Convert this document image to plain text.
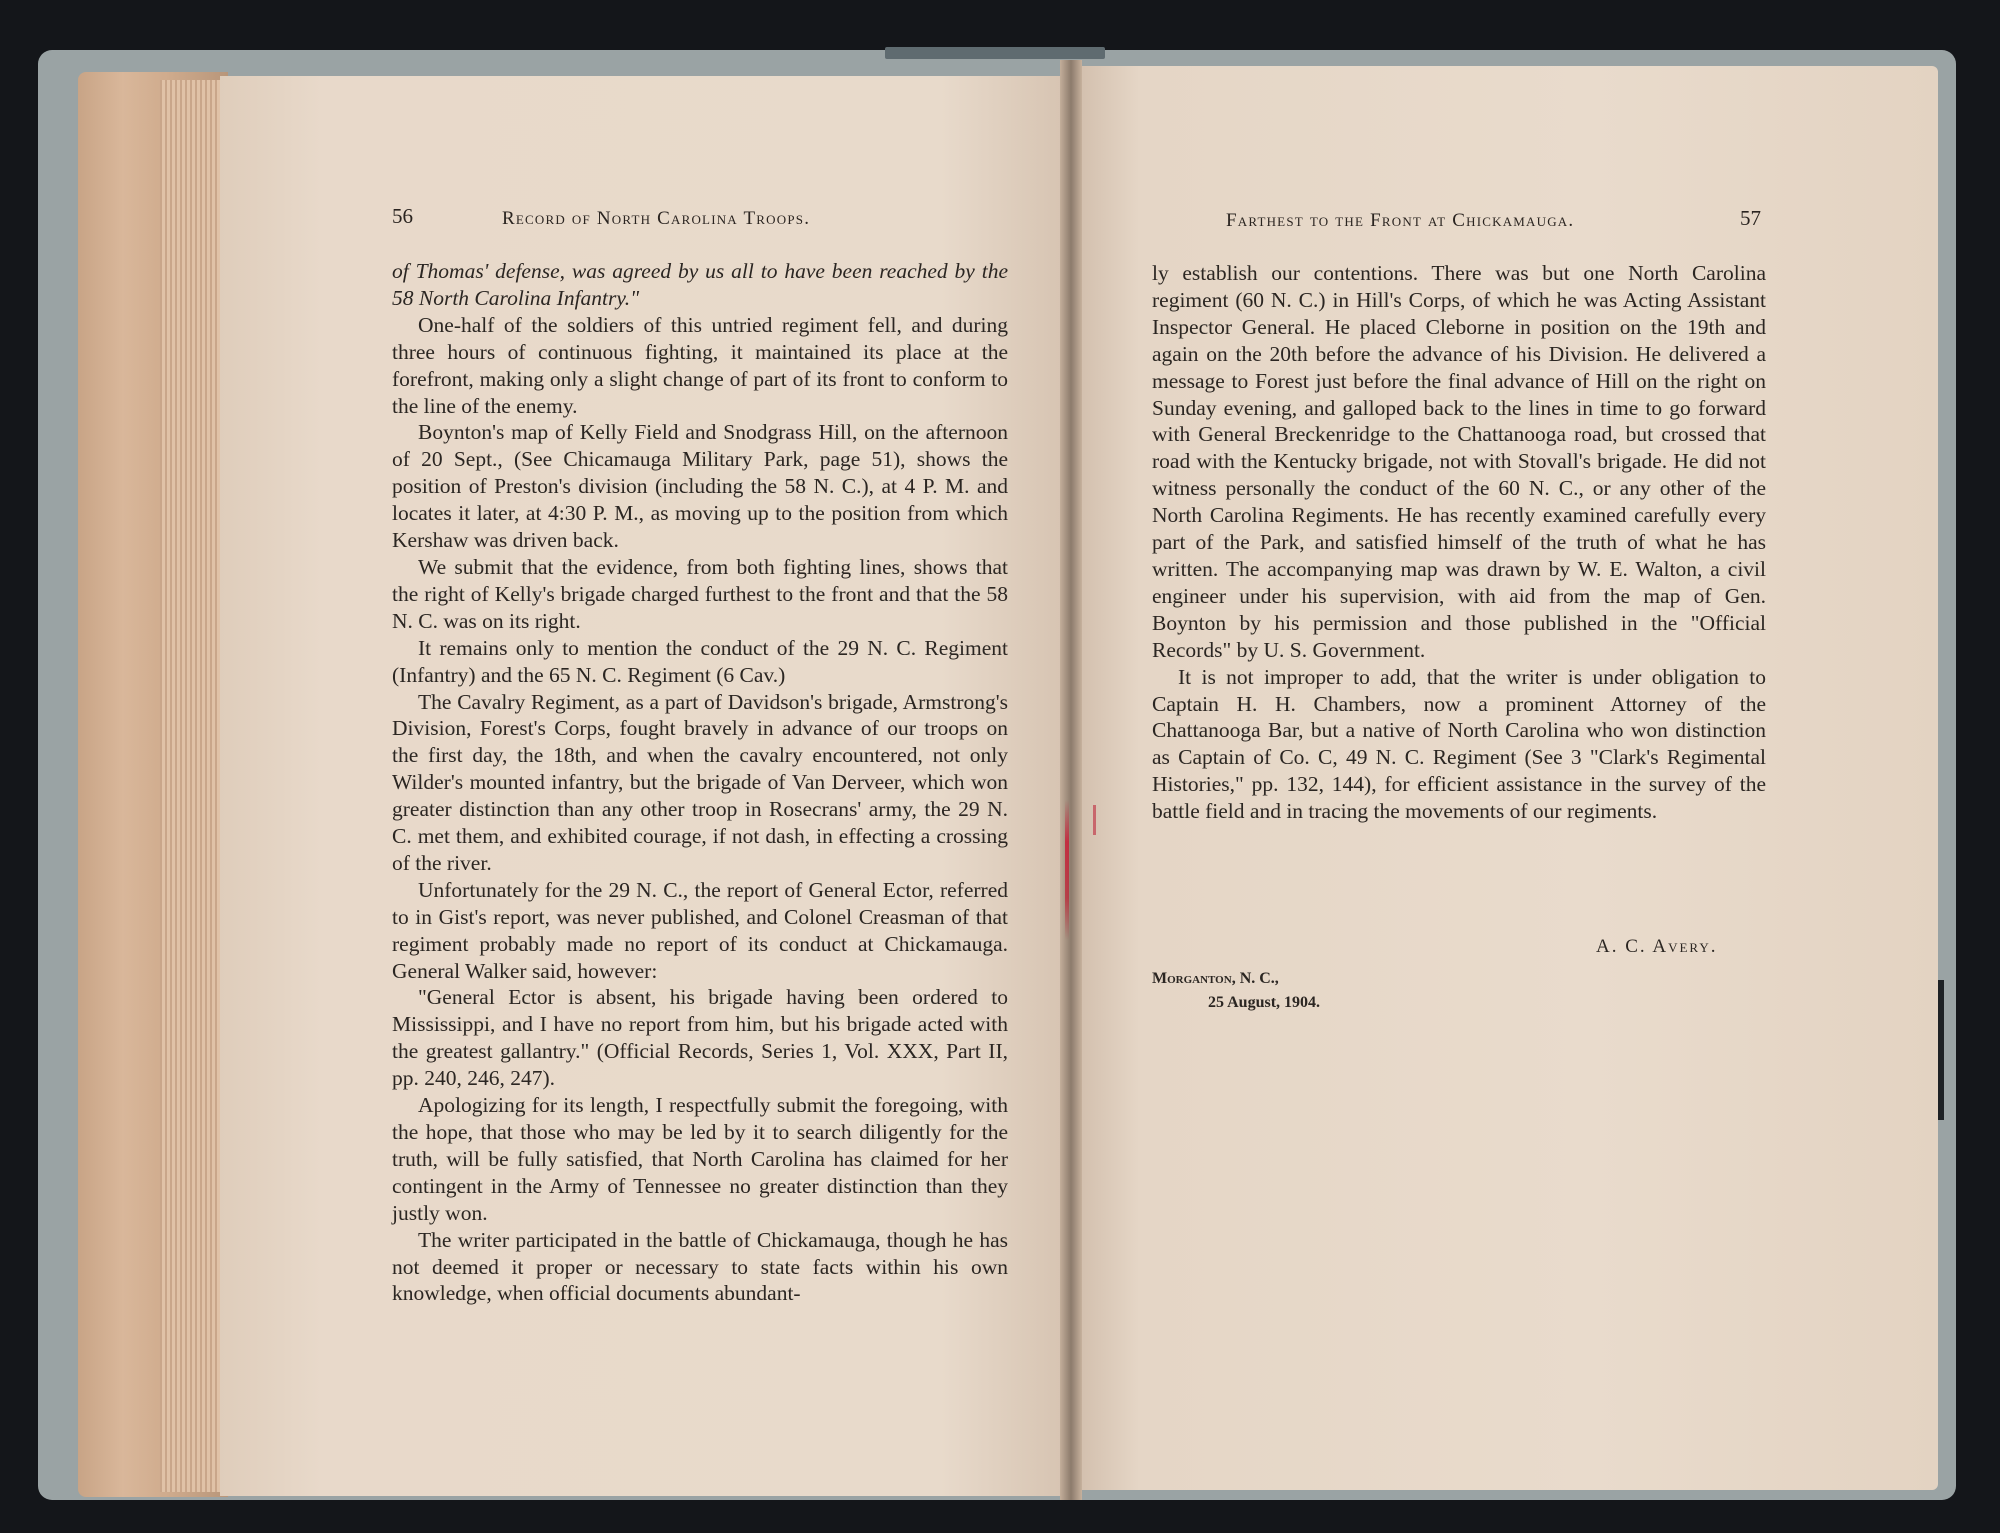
56	Record of North Carolina Troops.

of Thomas' defense, was agreed by us all to have been reached by the 58 North Carolina Infantry."

One-half of the soldiers of this untried regiment fell, and during three hours of continuous fighting, it maintained its place at the forefront, making only a slight change of part of its front to conform to the line of the enemy.

Boynton's map of Kelly Field and Snodgrass Hill, on the afternoon of 20 Sept., (See Chicamauga Military Park, page 51), shows the position of Preston's division (including the 58 N. C.), at 4 P. M. and locates it later, at 4:30 P. M., as moving up to the position from which Kershaw was driven back.

We submit that the evidence, from both fighting lines, shows that the right of Kelly's brigade charged furthest to the front and that the 58 N. C. was on its right.

It remains only to mention the conduct of the 29 N. C. Regiment (Infantry) and the 65 N. C. Regiment (6 Cav.)

The Cavalry Regiment, as a part of Davidson's brigade, Armstrong's Division, Forest's Corps, fought bravely in advance of our troops on the first day, the 18th, and when the cavalry encountered, not only Wilder's mounted infantry, but the brigade of Van Derveer, which won greater distinction than any other troop in Rosecrans' army, the 29 N. C. met them, and exhibited courage, if not dash, in effecting a crossing of the river.

Unfortunately for the 29 N. C., the report of General Ector, referred to in Gist's report, was never published, and Colonel Creasman of that regiment probably made no report of its conduct at Chickamauga. General Walker said, however:

"General Ector is absent, his brigade having been ordered to Mississippi, and I have no report from him, but his brigade acted with the greatest gallantry." (Official Records, Series 1, Vol. XXX, Part II, pp. 240, 246, 247).

Apologizing for its length, I respectfully submit the foregoing, with the hope, that those who may be led by it to search diligently for the truth, will be fully satisfied, that North Carolina has claimed for her contingent in the Army of Tennessee no greater distinction than they justly won.

The writer participated in the battle of Chickamauga, though he has not deemed it proper or necessary to state facts within his own knowledge, when official documents abundant-

Farthest to the Front at Chickamauga.	57

ly establish our contentions. There was but one North Carolina regiment (60 N. C.) in Hill's Corps, of which he was Acting Assistant Inspector General. He placed Cleborne in position on the 19th and again on the 20th before the advance of his Division. He delivered a message to Forest just before the final advance of Hill on the right on Sunday evening, and galloped back to the lines in time to go forward with General Breckenridge to the Chattanooga road, but crossed that road with the Kentucky brigade, not with Stovall's brigade. He did not witness personally the conduct of the 60 N. C., or any other of the North Carolina Regiments. He has recently examined carefully every part of the Park, and satisfied himself of the truth of what he has written. The accompanying map was drawn by W. E. Walton, a civil engineer under his supervision, with aid from the map of Gen. Boynton by his permission and those published in the "Official Records" by U. S. Government.

It is not improper to add, that the writer is under obligation to Captain H. H. Chambers, now a prominent Attorney of the Chattanooga Bar, but a native of North Carolina who won distinction as Captain of Co. C, 49 N. C. Regiment (See 3 "Clark's Regimental Histories," pp. 132, 144), for efficient assistance in the survey of the battle field and in tracing the movements of our regiments.

A. C. Avery.
Morganton, N. C.,
25 August, 1904.
